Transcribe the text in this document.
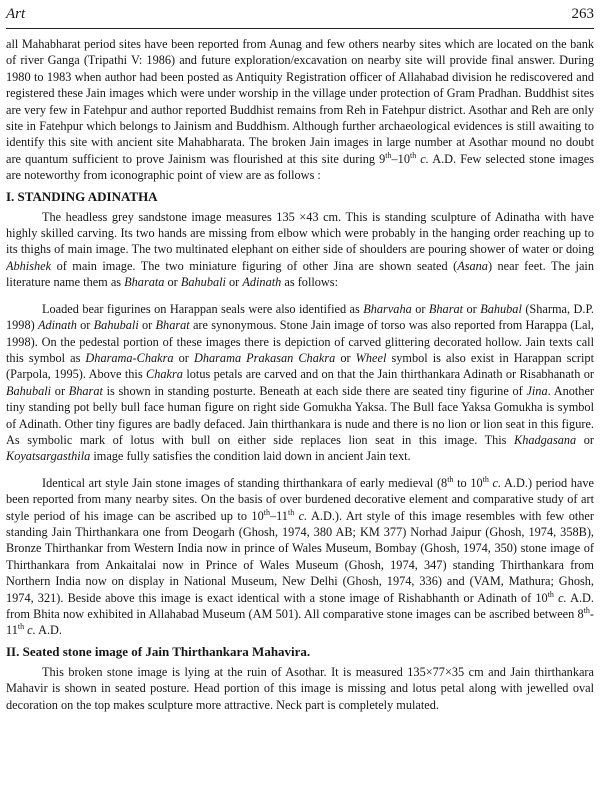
Art	263

all Mahabharat period sites have been reported from Aunag and few others nearby sites which are located on the bank of river Ganga (Tripathi V: 1986) and future exploration/excavation on nearby site will provide final answer. During 1980 to 1983 when author had been posted as Antiquity Registration officer of Allahabad division he rediscovered and registered these Jain images which were under worship in the village under protection of Gram Pradhan. Buddhist sites are very few in Fatehpur and author reported Buddhist remains from Reh in Fatehpur district. Asothar and Reh are only site in Fatehpur which belongs to Jainism and Buddhism. Although further archaeological evidences is still awaiting to identify this site with ancient site Mahabharata. The broken Jain images in large number at Asothar mound no doubt are quantum sufficient to prove Jainism was flourished at this site during 9th–10th c. A.D. Few selected stone images are noteworthy from iconographic point of view are as follows :

I. STANDING ADINATHA

The headless grey sandstone image measures 135 ×43 cm. This is standing sculpture of Adinatha with have highly skilled carving. Its two hands are missing from elbow which were probably in the hanging order reaching up to its thighs of main image. The two multinated elephant on either side of shoulders are pouring shower of water or doing Abhishek of main image. The two miniature figuring of other Jina are shown seated (Asana) near feet. The jain literature name them as Bharata or Bahubali or Adinath as follows:

Loaded bear figurines on Harappan seals were also identified as Bharvaha or Bharat or Bahubal (Sharma, D.P. 1998) Adinath or Bahubali or Bharat are synonymous. Stone Jain image of torso was also reported from Harappa (Lal, 1998). On the pedestal portion of these images there is depiction of carved glittering decorated hollow. Jain texts call this symbol as Dharama-Chakra or Dharama Prakasan Chakra or Wheel symbol is also exist in Harappan script (Parpola, 1995). Above this Chakra lotus petals are carved and on that the Jain thirthankara Adinath or Risabhanath or Bahubali or Bharat is shown in standing posturte. Beneath at each side there are seated tiny figurine of Jina. Another tiny standing pot belly bull face human figure on right side Gomukha Yaksa. The Bull face Yaksa Gomukha is symbol of Adinath. Other tiny figures are badly defaced. Jain thirthankara is nude and there is no lion or lion seat in this figure. As symbolic mark of lotus with bull on either side replaces lion seat in this image. This Khadgasana or Koyatsargasthila image fully satisfies the condition laid down in ancient Jain text.

Identical art style Jain stone images of standing thirthankara of early medieval (8th to 10th c. A.D.) period have been reported from many nearby sites. On the basis of over burdened decorative element and comparative study of art style period of his image can be ascribed up to 10th–11th c. A.D.). Art style of this image resembles with few other standing Jain Thirthankara one from Deogarh (Ghosh, 1974, 380 AB; KM 377) Norhad Jaipur (Ghosh, 1974, 358B), Bronze Thirthankar from Western India now in prince of Wales Museum, Bombay (Ghosh, 1974, 350) stone image of Thirthankara from Ankaitalai now in Prince of Wales Museum (Ghosh, 1974, 347) standing Thirthankara from Northern India now on display in National Museum, New Delhi (Ghosh, 1974, 336) and (VAM, Mathura; Ghosh, 1974, 321). Beside above this image is exact identical with a stone image of Rishabhanth or Adinath of 10th c. A.D. from Bhita now exhibited in Allahabad Museum (AM 501). All comparative stone images can be ascribed between 8th-11th c. A.D.

II. Seated stone image of Jain Thirthankara Mahavira.

This broken stone image is lying at the ruin of Asothar. It is measured 135×77×35 cm and Jain thirthankara Mahavir is shown in seated posture. Head portion of this image is missing and lotus petal along with jewelled oval decoration on the top makes sculpture more attractive. Neck part is completely mulated.
